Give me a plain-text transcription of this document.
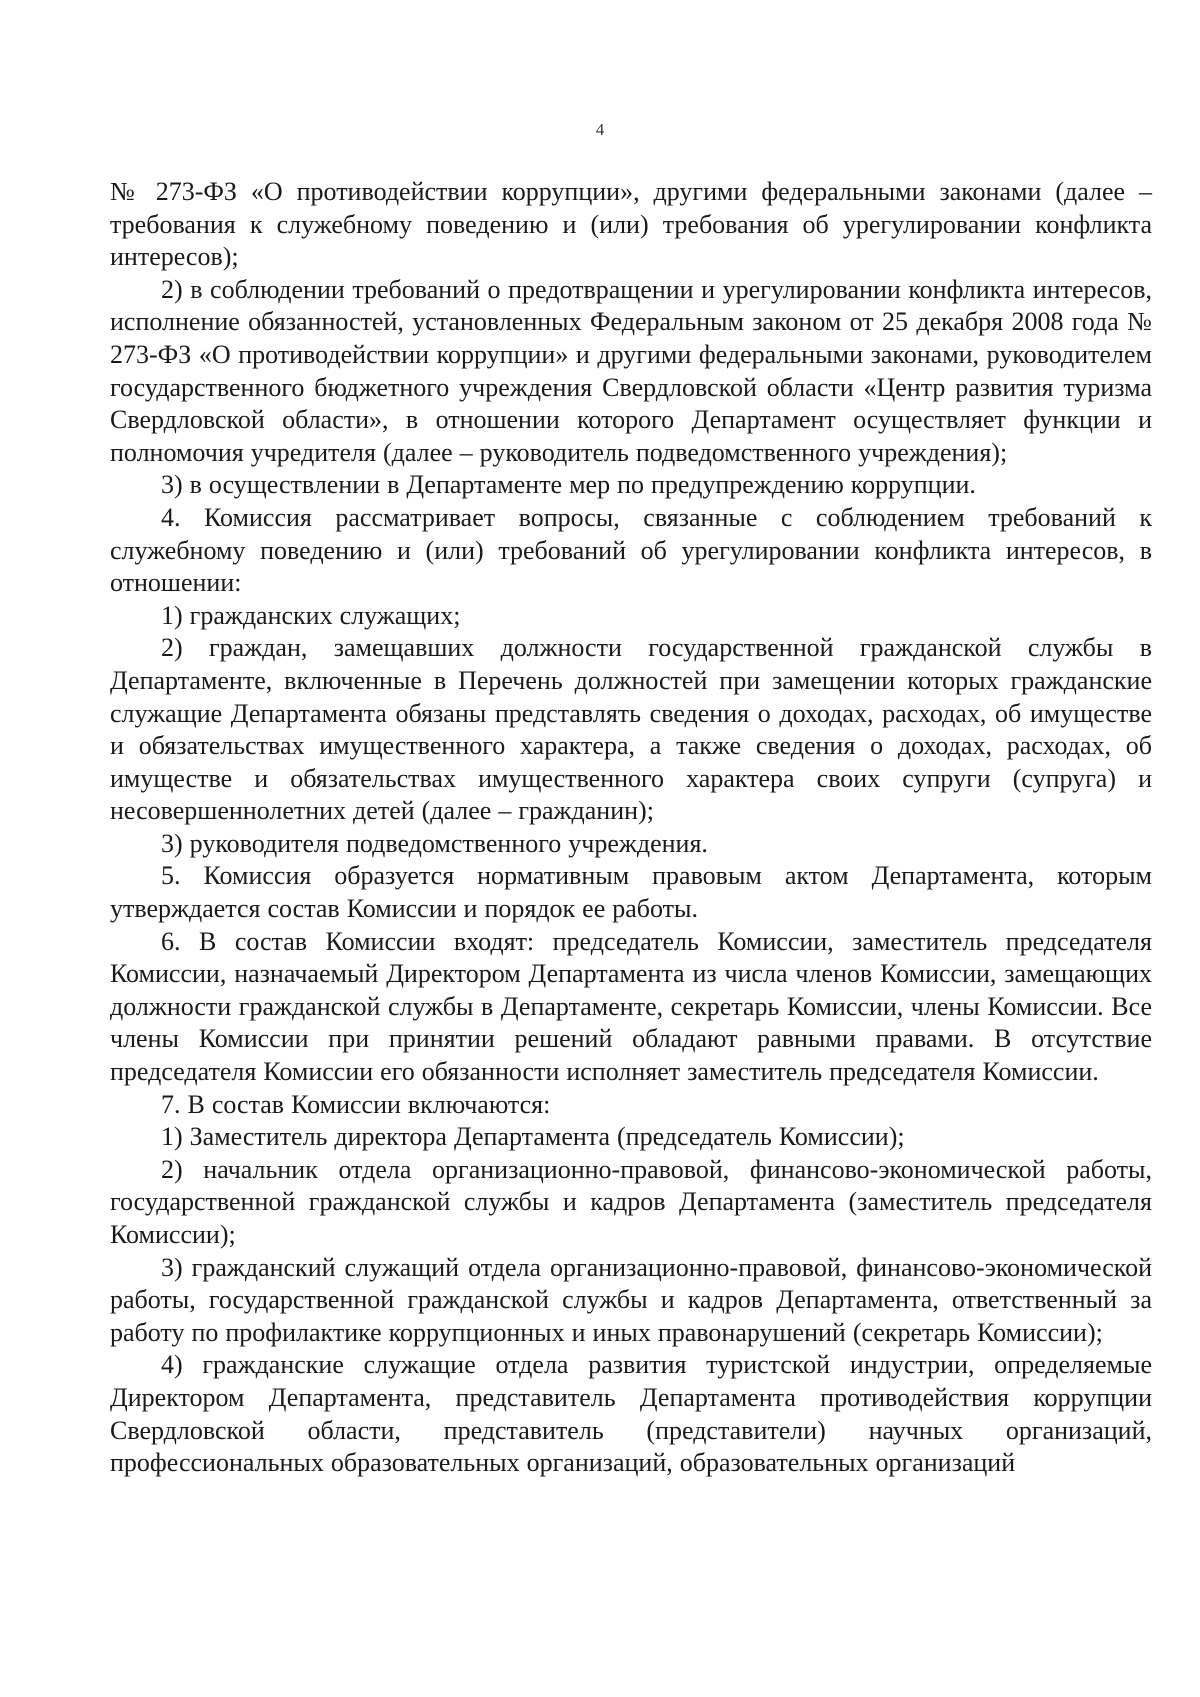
4

№ 273-ФЗ «О противодействии коррупции», другими федеральными законами (далее – требования к служебному поведению и (или) требования об урегулировании конфликта интересов);

2) в соблюдении требований о предотвращении и урегулировании конфликта интересов, исполнение обязанностей, установленных Федеральным законом от 25 декабря 2008 года № 273-ФЗ «О противодействии коррупции» и другими федеральными законами, руководителем государственного бюджетного учреждения Свердловской области «Центр развития туризма Свердловской области», в отношении которого Департамент осуществляет функции и полномочия учредителя (далее – руководитель подведомственного учреждения);

3) в осуществлении в Департаменте мер по предупреждению коррупции.

4. Комиссия рассматривает вопросы, связанные с соблюдением требований к служебному поведению и (или) требований об урегулировании конфликта интересов, в отношении:

1) гражданских служащих;

2) граждан, замещавших должности государственной гражданской службы в Департаменте, включенные в Перечень должностей при замещении которых гражданские служащие Департамента обязаны представлять сведения о доходах, расходах, об имуществе и обязательствах имущественного характера, а также сведения о доходах, расходах, об имуществе и обязательствах имущественного характера своих супруги (супруга) и несовершеннолетних детей (далее – гражданин);

3) руководителя подведомственного учреждения.

5. Комиссия образуется нормативным правовым актом Департамента, которым утверждается состав Комиссии и порядок ее работы.

6. В состав Комиссии входят: председатель Комиссии, заместитель председателя Комиссии, назначаемый Директором Департамента из числа членов Комиссии, замещающих должности гражданской службы в Департаменте, секретарь Комиссии, члены Комиссии. Все члены Комиссии при принятии решений обладают равными правами. В отсутствие председателя Комиссии его обязанности исполняет заместитель председателя Комиссии.

7. В состав Комиссии включаются:

1) Заместитель директора Департамента (председатель Комиссии);

2) начальник отдела организационно-правовой, финансово-экономической работы, государственной гражданской службы и кадров Департамента (заместитель председателя Комиссии);

3) гражданский служащий отдела организационно-правовой, финансово-экономической работы, государственной гражданской службы и кадров Департамента, ответственный за работу по профилактике коррупционных и иных правонарушений (секретарь Комиссии);

4) гражданские служащие отдела развития туристской индустрии, определяемые Директором Департамента, представитель Департамента противодействия коррупции Свердловской области, представитель (представители) научных организаций, профессиональных образовательных организаций, образовательных организаций
